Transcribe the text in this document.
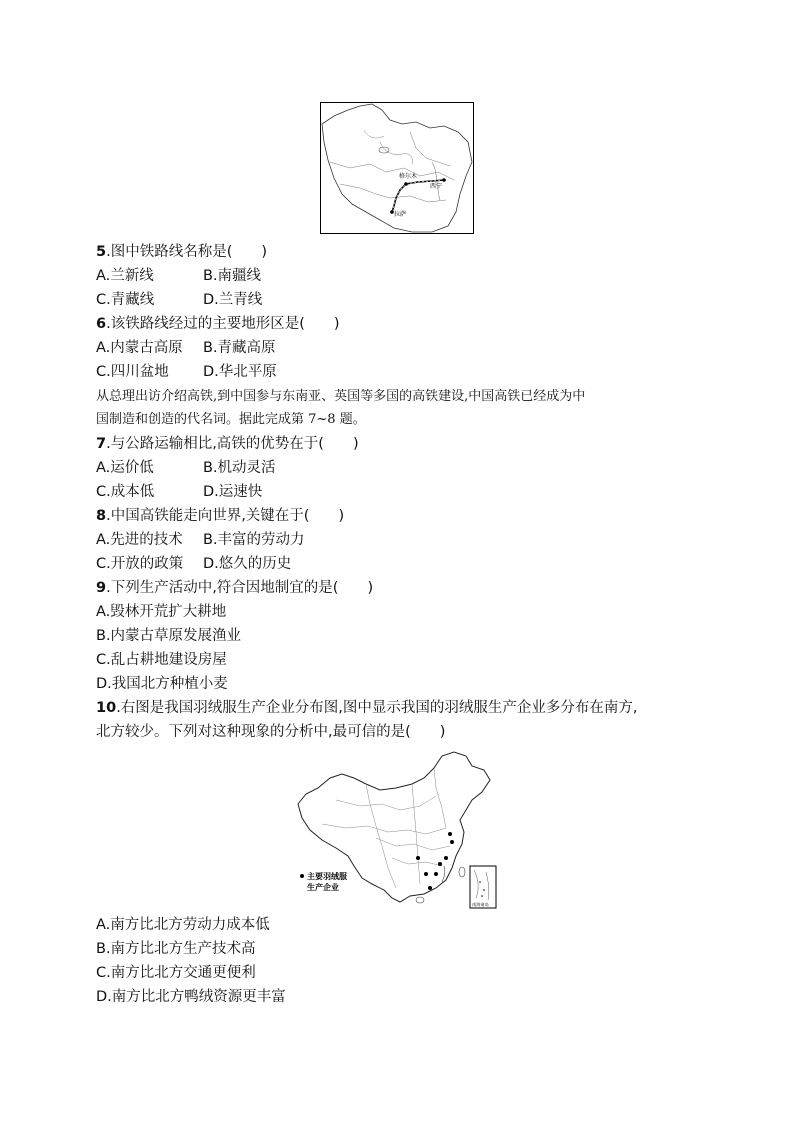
格尔木
西宁
拉萨
5.图中铁路线名称是(　　)
A.兰新线	B.南疆线
C.青藏线	D.兰青线
6.该铁路线经过的主要地形区是(　　)
A.内蒙古高原 B.青藏高原
C.四川盆地 D.华北平原
从总理出访介绍高铁,到中国参与东南亚、英国等多国的高铁建设,中国高铁已经成为中
国制造和创造的代名词。据此完成第 7~8 题。
7.与公路运输相比,高铁的优势在于(　　)
A.运价低	B.机动灵活
C.成本低	D.运速快
8.中国高铁能走向世界,关键在于(　　)
A.先进的技术 B.丰富的劳动力
C.开放的政策 D.悠久的历史
9.下列生产活动中,符合因地制宜的是(　　)
A.毁林开荒扩大耕地
B.内蒙古草原发展渔业
C.乱占耕地建设房屋
D.我国北方种植小麦
10.右图是我国羽绒服生产企业分布图,图中显示我国的羽绒服生产企业多分布在南方,
北方较少。下列对这种现象的分析中,最可信的是(　　)
主要羽绒服
生产企业
南海诸岛
A.南方比北方劳动力成本低
B.南方比北方生产技术高
C.南方比北方交通更便利
D.南方比北方鸭绒资源更丰富
